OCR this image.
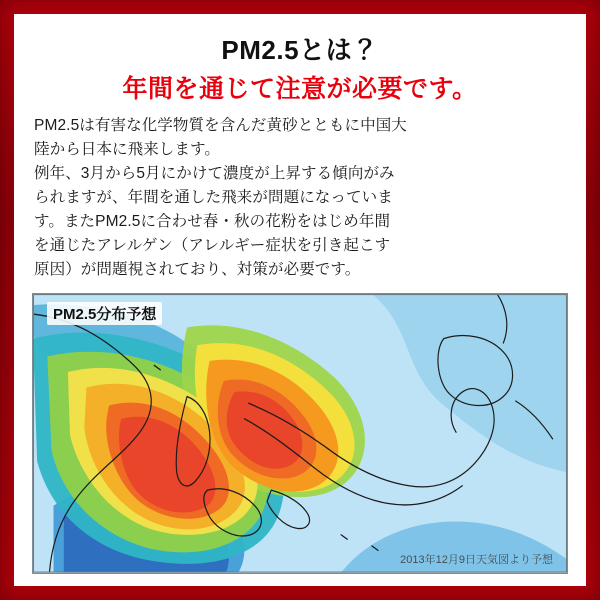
PM2.5とは？
年間を通じて注意が必要です。

PM2.5は有害な化学物質を含んだ黄砂とともに中国大

陸から日本に飛来します。

例年、3月から5月にかけて濃度が上昇する傾向がみ

られますが、年間を通した飛来が問題になっていま

す。またPM2.5に合わせ春・秋の花粉をはじめ年間

を通じたアレルゲン（アレルギー症状を引き起こす

原因）が問題視されており、対策が必要です。

PM2.5分布予想
2013年12月9日天気図より予想
